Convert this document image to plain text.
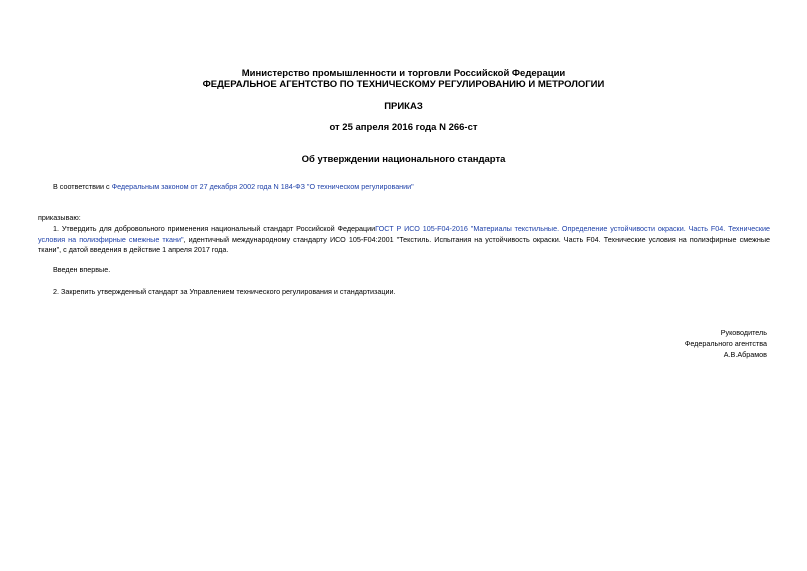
Министерство промышленности и торговли Российской Федерации
ФЕДЕРАЛЬНОЕ АГЕНТСТВО ПО ТЕХНИЧЕСКОМУ РЕГУЛИРОВАНИЮ И МЕТРОЛОГИИ
ПРИКАЗ
от 25 апреля 2016 года N 266-ст
Об утверждении национального стандарта
В соответствии с Федеральным законом от 27 декабря 2002 года N 184-ФЗ "О техническом регулировании"
приказываю:
1. Утвердить для добровольного применения национальный стандарт Российской ФедерацииГОСТ Р ИСО 105-F04-2016 "Материалы текстильные. Определение устойчивости окраски. Часть F04. Технические условия на полиэфирные смежные ткани", идентичный международному стандарту ИСО 105-F04:2001 "Текстиль. Испытания на устойчивость окраски. Часть F04. Технические условия на полиэфирные смежные ткани", с датой введения в действие 1 апреля 2017 года.
Введен впервые.
2. Закрепить утвержденный стандарт за Управлением технического регулирования и стандартизации.
Руководитель
Федерального агентства
А.В.Абрамов
